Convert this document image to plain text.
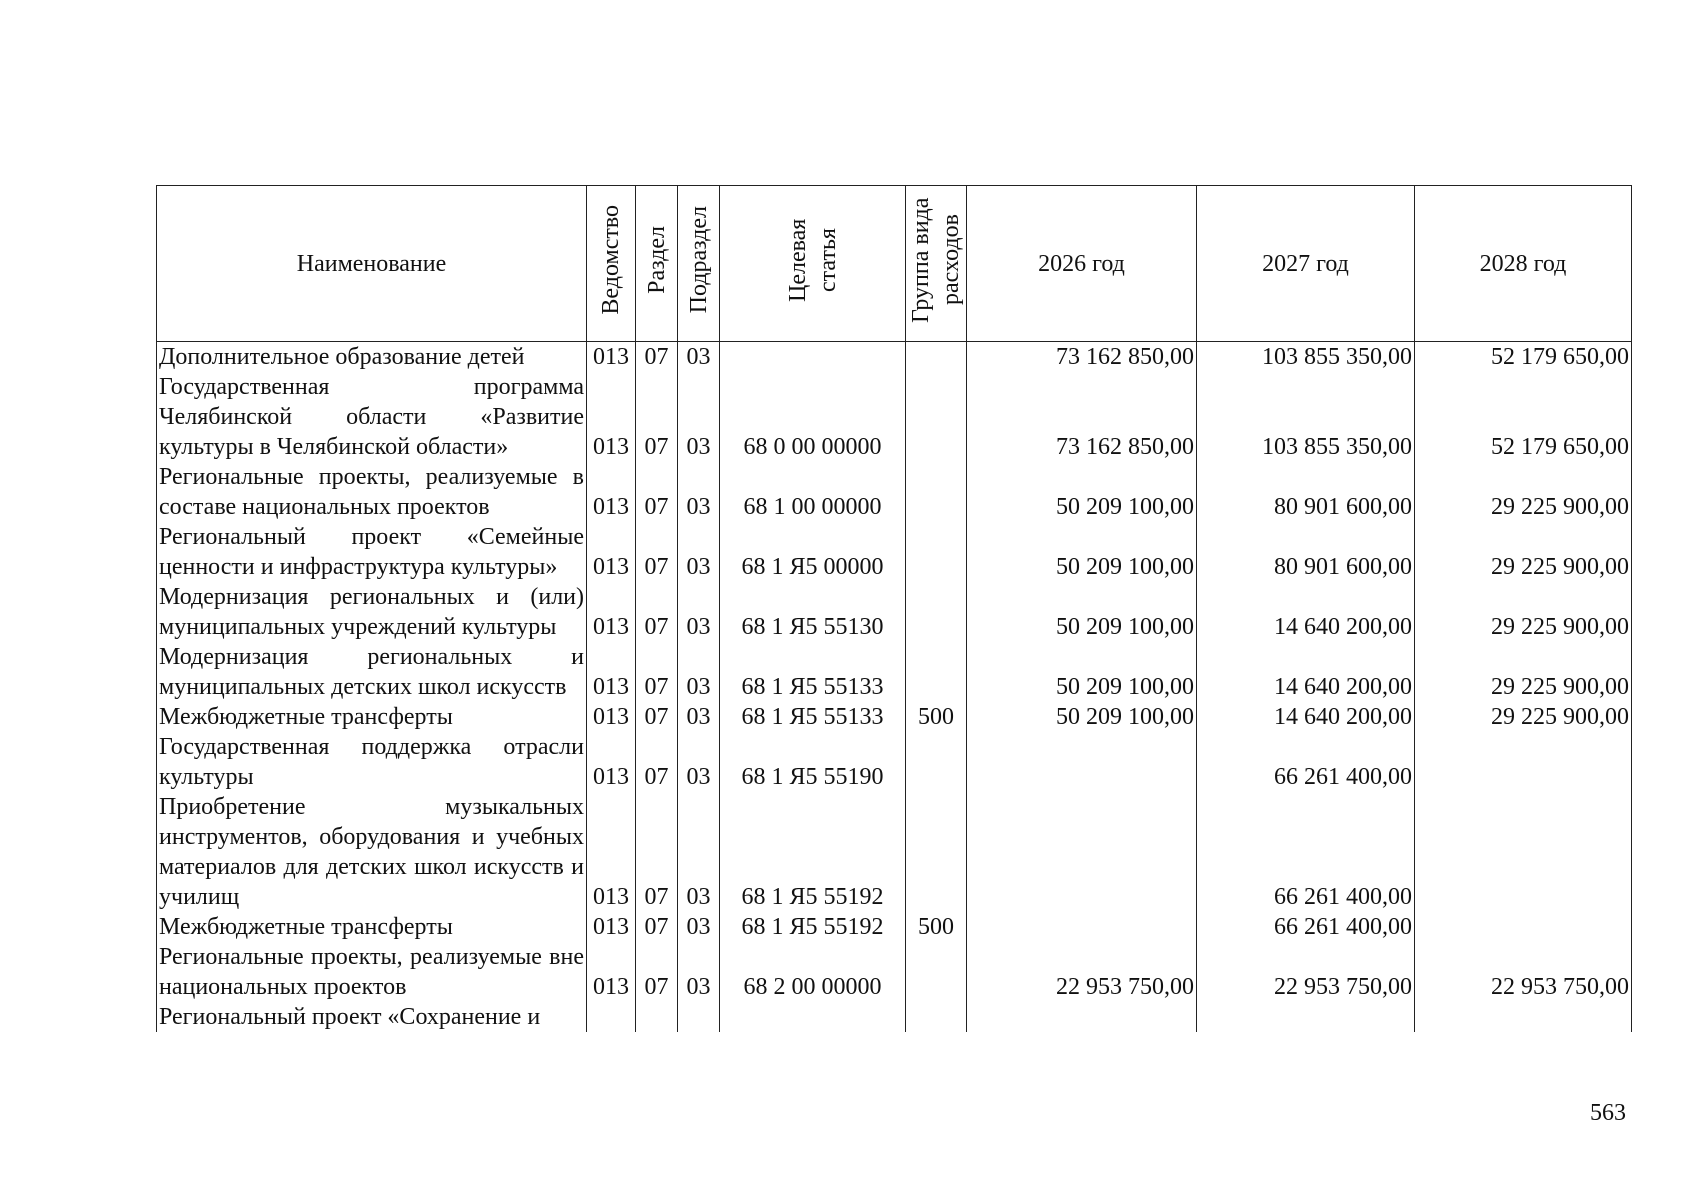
Наименование	Ведомство	Раздел	Подраздел	Целевая статья	Группа вида расходов	2026 год	2027 год	2028 год
Дополнительное образование детей	013	07	03			73 162 850,00	103 855 350,00	52 179 650,00
Государственная программа Челябинской области «Развитие культуры в Челябинской области»	013	07	03	68 0 00 00000		73 162 850,00	103 855 350,00	52 179 650,00
Региональные проекты, реализуемые в составе национальных проектов	013	07	03	68 1 00 00000		50 209 100,00	80 901 600,00	29 225 900,00
Региональный проект «Семейные ценности и инфраструктура культуры»	013	07	03	68 1 Я5 00000		50 209 100,00	80 901 600,00	29 225 900,00
Модернизация региональных и (или) муниципальных учреждений культуры	013	07	03	68 1 Я5 55130		50 209 100,00	14 640 200,00	29 225 900,00
Модернизация региональных и муниципальных детских школ искусств	013	07	03	68 1 Я5 55133		50 209 100,00	14 640 200,00	29 225 900,00
Межбюджетные трансферты	013	07	03	68 1 Я5 55133	500	50 209 100,00	14 640 200,00	29 225 900,00
Государственная поддержка отрасли культуры	013	07	03	68 1 Я5 55190			66 261 400,00	
Приобретение музыкальных инструментов, оборудования и учебных материалов для детских школ искусств и училищ	013	07	03	68 1 Я5 55192			66 261 400,00	
Межбюджетные трансферты	013	07	03	68 1 Я5 55192	500		66 261 400,00	
Региональные проекты, реализуемые вне национальных проектов	013	07	03	68 2 00 00000		22 953 750,00	22 953 750,00	22 953 750,00
Региональный проект «Сохранение и								
563
